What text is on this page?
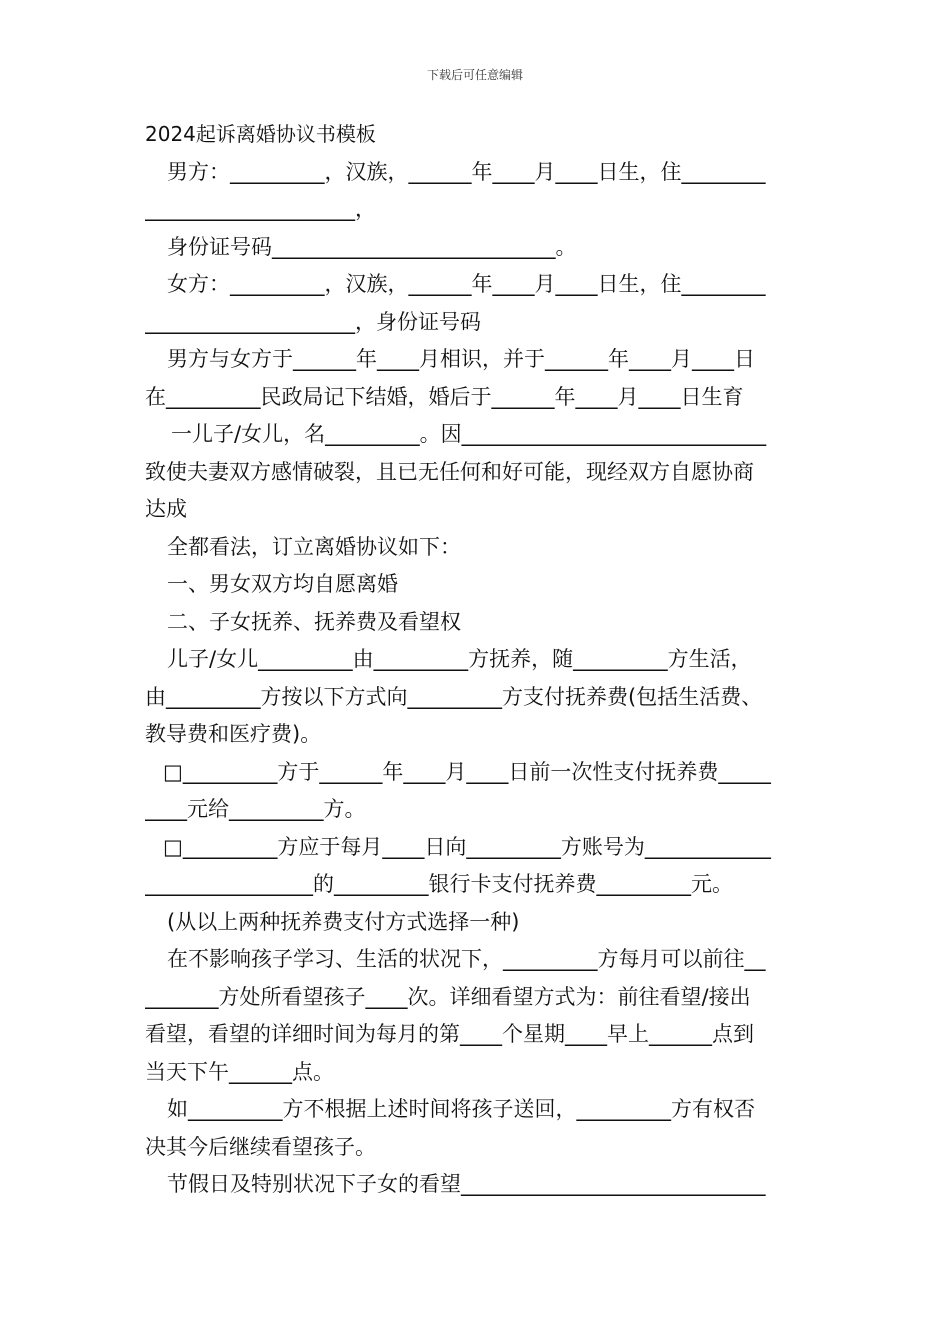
下载后可任意编辑
2024起诉离婚协议书模板
男方：_________，汉族，______年____月____日生，住________
____________________，
身份证号码___________________________。
女方：_________，汉族，______年____月____日生，住________
____________________，身份证号码
男方与女方于______年____月相识，并于______年____月____日
在_________民政局记下结婚，婚后于______年____月____日生育
一儿子/女儿，名_________。因_____________________________
致使夫妻双方感情破裂，且已无任何和好可能，现经双方自愿协商
达成
全都看法，订立离婚协议如下：
一、男女双方均自愿离婚
二、子女抚养、抚养费及看望权
儿子/女儿_________由_________方抚养，随_________方生活，
由_________方按以下方式向_________方支付抚养费(包括生活费、
教导费和医疗费)。
□_________方于______年____月____日前一次性支付抚养费_____
____元给_________方。
□_________方应于每月____日向_________方账号为____________
________________的_________银行卡支付抚养费_________元。
(从以上两种抚养费支付方式选择一种)
在不影响孩子学习、生活的状况下，_________方每月可以前往__
_______方处所看望孩子____次。详细看望方式为：前往看望/接出
看望，看望的详细时间为每月的第____个星期____早上______点到
当天下午______点。
如_________方不根据上述时间将孩子送回，_________方有权否
决其今后继续看望孩子。
节假日及特别状况下子女的看望_____________________________
